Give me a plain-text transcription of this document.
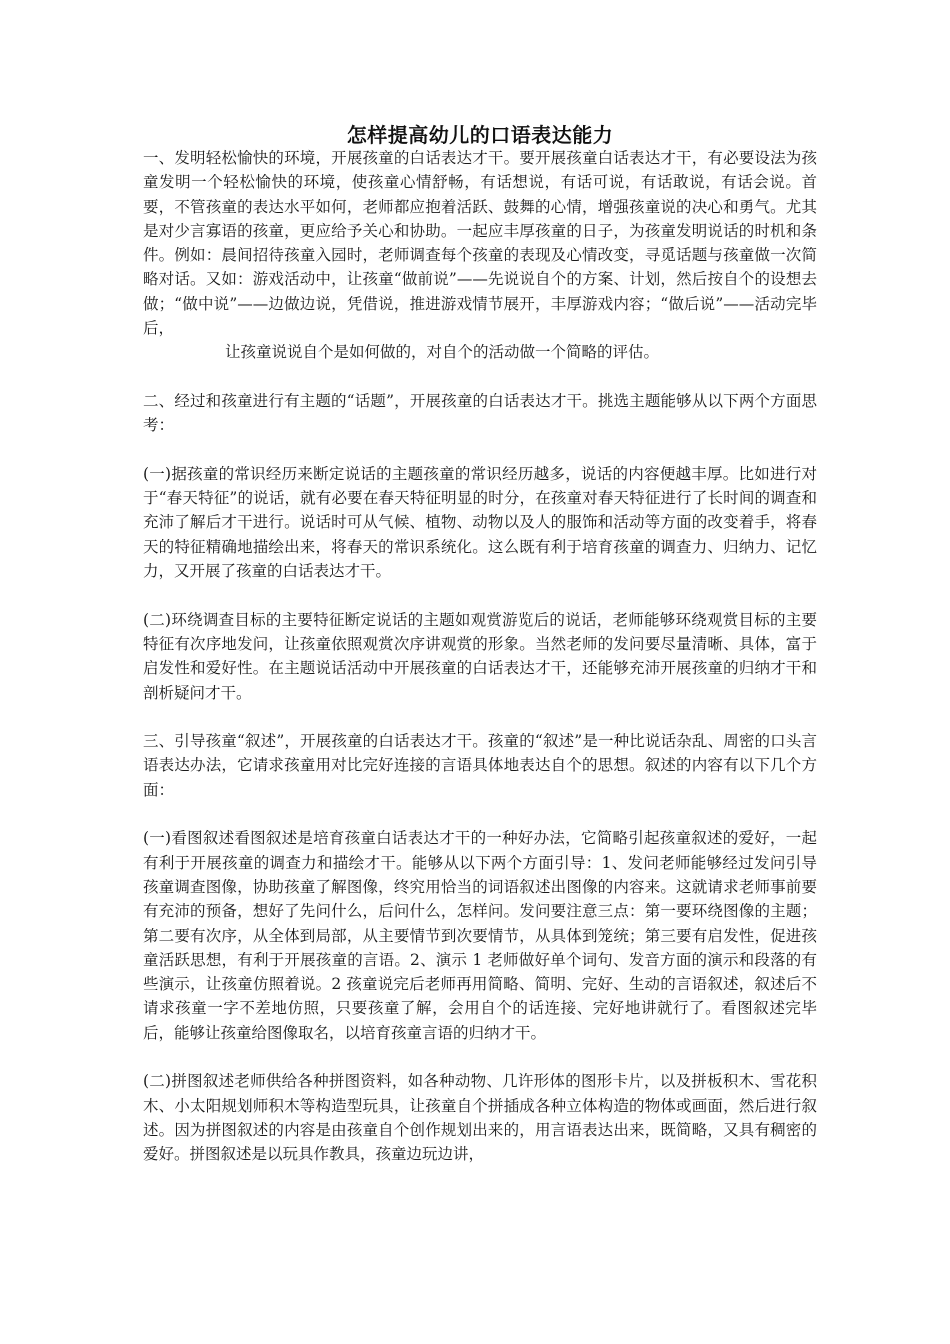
怎样提高幼儿的口语表达能力

一、发明轻松愉快的环境，开展孩童的白话表达才干。要开展孩童白话表达才干，有必要设法为孩童发明一个轻松愉快的环境，使孩童心情舒畅，有话想说，有话可说，有话敢说，有话会说。首要，不管孩童的表达水平如何，老师都应抱着活跃、鼓舞的心情，增强孩童说的决心和勇气。尤其是对少言寡语的孩童，更应给予关心和协助。一起应丰厚孩童的日子，为孩童发明说话的时机和条件。例如：晨间招待孩童入园时，老师调查每个孩童的表现及心情改变，寻觅话题与孩童做一次简略对话。又如：游戏活动中，让孩童“做前说”——先说说自个的方案、计划，然后按自个的设想去做；“做中说”——边做边说，凭借说，推进游戏情节展开，丰厚游戏内容；“做后说”——活动完毕后，

让孩童说说自个是如何做的，对自个的活动做一个简略的评估。

二、经过和孩童进行有主题的“话题”，开展孩童的白话表达才干。挑选主题能够从以下两个方面思考：

(一)据孩童的常识经历来断定说话的主题孩童的常识经历越多，说话的内容便越丰厚。比如进行对于“春天特征”的说话，就有必要在春天特征明显的时分，在孩童对春天特征进行了长时间的调查和充沛了解后才干进行。说话时可从气候、植物、动物以及人的服饰和活动等方面的改变着手，将春天的特征精确地描绘出来，将春天的常识系统化。这么既有利于培育孩童的调查力、归纳力、记忆力，又开展了孩童的白话表达才干。

(二)环绕调查目标的主要特征断定说话的主题如观赏游览后的说话，老师能够环绕观赏目标的主要特征有次序地发问，让孩童依照观赏次序讲观赏的形象。当然老师的发问要尽量清晰、具体，富于启发性和爱好性。在主题说话活动中开展孩童的白话表达才干，还能够充沛开展孩童的归纳才干和剖析疑问才干。

三、引导孩童“叙述”，开展孩童的白话表达才干。孩童的“叙述”是一种比说话杂乱、周密的口头言语表达办法，它请求孩童用对比完好连接的言语具体地表达自个的思想。叙述的内容有以下几个方面：

(一)看图叙述看图叙述是培育孩童白话表达才干的一种好办法，它简略引起孩童叙述的爱好，一起有利于开展孩童的调查力和描绘才干。能够从以下两个方面引导：1、发问老师能够经过发问引导孩童调查图像，协助孩童了解图像，终究用恰当的词语叙述出图像的内容来。这就请求老师事前要有充沛的预备，想好了先问什么，后问什么，怎样问。发问要注意三点：第一要环绕图像的主题；第二要有次序，从全体到局部，从主要情节到次要情节，从具体到笼统；第三要有启发性，促进孩童活跃思想，有利于开展孩童的言语。2、演示 1 老师做好单个词句、发音方面的演示和段落的有些演示，让孩童仿照着说。2 孩童说完后老师再用简略、简明、完好、生动的言语叙述，叙述后不请求孩童一字不差地仿照，只要孩童了解，会用自个的话连接、完好地讲就行了。看图叙述完毕后，能够让孩童给图像取名，以培育孩童言语的归纳才干。

(二)拼图叙述老师供给各种拼图资料，如各种动物、几许形体的图形卡片，以及拼板积木、雪花积木、小太阳规划师积木等构造型玩具，让孩童自个拼插成各种立体构造的物体或画面，然后进行叙述。因为拼图叙述的内容是由孩童自个创作规划出来的，用言语表达出来，既简略，又具有稠密的爱好。拼图叙述是以玩具作教具，孩童边玩边讲，
